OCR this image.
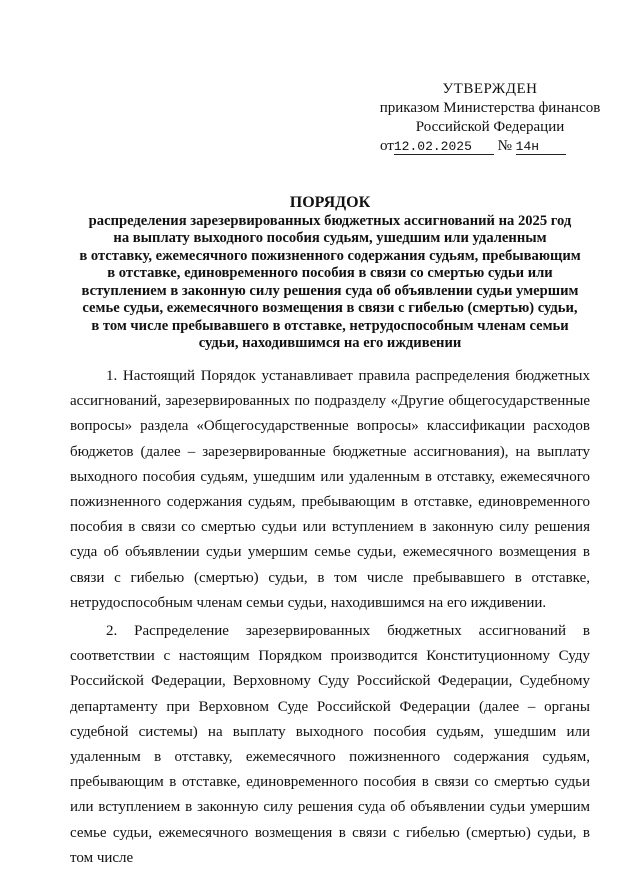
УТВЕРЖДЕН
приказом Министерства финансов
Российской Федерации
от12.02.2025 № 14н
ПОРЯДОК
распределения зарезервированных бюджетных ассигнований на 2025 год
на выплату выходного пособия судьям, ушедшим или удаленным
в отставку, ежемесячного пожизненного содержания судьям, пребывающим
в отставке, единовременного пособия в связи со смертью судьи или
вступлением в законную силу решения суда об объявлении судьи умершим
семье судьи, ежемесячного возмещения в связи с гибелью (смертью) судьи,
в том числе пребывавшего в отставке, нетрудоспособным членам семьи
судьи, находившимся на его иждивении

1. Настоящий Порядок устанавливает правила распределения бюджетных ассигнований, зарезервированных по подразделу «Другие общегосударственные вопросы» раздела «Общегосударственные вопросы» классификации расходов бюджетов (далее – зарезервированные бюджетные ассигнования), на выплату выходного пособия судьям, ушедшим или удаленным в отставку, ежемесячного пожизненного содержания судьям, пребывающим в отставке, единовременного пособия в связи со смертью судьи или вступлением в законную силу решения суда об объявлении судьи умершим семье судьи, ежемесячного возмещения в связи с гибелью (смертью) судьи, в том числе пребывавшего в отставке, нетрудоспособным членам семьи судьи, находившимся на его иждивении.

2. Распределение зарезервированных бюджетных ассигнований в соответствии с настоящим Порядком производится Конституционному Суду Российской Федерации, Верховному Суду Российской Федерации, Судебному департаменту при Верховном Суде Российской Федерации (далее – органы судебной системы) на выплату выходного пособия судьям, ушедшим или удаленным в отставку, ежемесячного пожизненного содержания судьям, пребывающим в отставке, единовременного пособия в связи со смертью судьи или вступлением в законную силу решения суда об объявлении судьи умершим семье судьи, ежемесячного возмещения в связи с гибелью (смертью) судьи, в том числе
